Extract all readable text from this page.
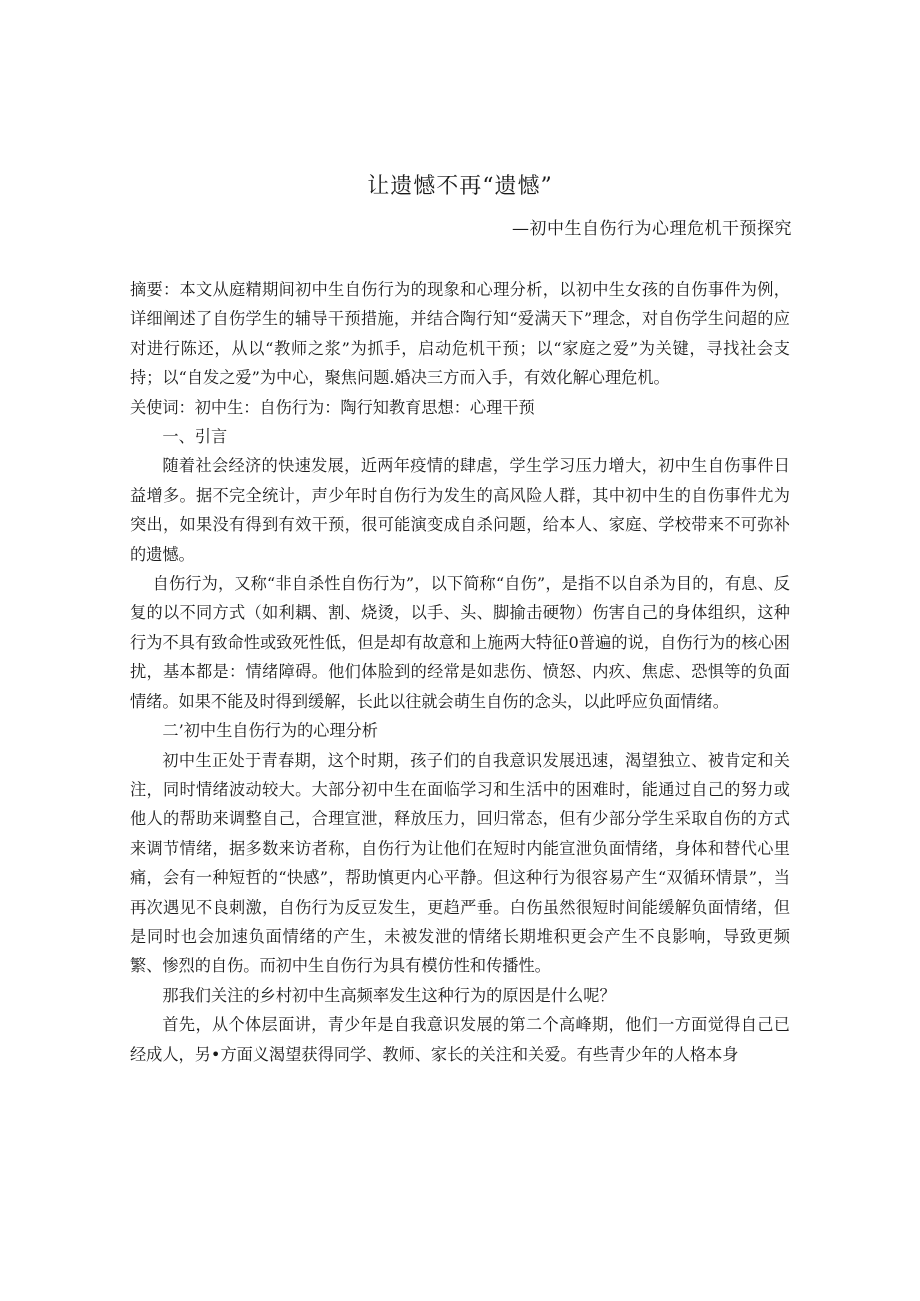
让遗憾不再“遗憾”
—初中生自伤行为心理危机干预探究

摘要：本文从庭精期间初中生自伤行为的现象和心理分析，以初中生女孩的自伤事件为例，详细阐述了自伤学生的辅导干预措施，并结合陶行知“爱满天下”理念，对自伤学生问超的应对进行陈还，从以“教师之浆”为抓手，启动危机干预；以“家庭之爱”为关键，寻找社会支持；以“自发之爱”为中心，聚焦问题.婚决三方而入手，有效化解心理危机。

关使词：初中生：自伤行为：陶行知教育思想：心理干预

一、引言

随着社会经济的快速发展，近两年疫情的肆虐，学生学习压力增大，初中生自伤事件日益增多。据不完全统计，声少年时自伤行为发生的高风险人群，其中初中生的自伤事件尤为突出，如果没有得到有效干预，很可能演变成自杀问题，给本人、家庭、学校带来不可弥补的遗憾。

自伤行为，又称“非自杀性自伤行为”，以下简称“自伤”，是指不以自杀为目的，有息、反复的以不同方式（如利耦、割、烧烫，以手、头、脚揄击硬物）伤害自己的身体组织，这种行为不具有致命性或致死性低，但是却有故意和上施两大特征0普遍的说，自伤行为的核心困扰，基本都是：情绪障碍。他们体脸到的经常是如悲伤、愤怒、内疚、焦虑、恐惧等的负面情绪。如果不能及时得到缓解，长此以往就会萌生自伤的念头，以此呼应负面情绪。

二’初中生自伤行为的心理分析

初中生正处于青春期，这个时期，孩子们的自我意识发展迅速，渴望独立、被肯定和关注，同时情绪波动较大。大部分初中生在面临学习和生活中的困难时，能通过自己的努力或他人的帮助来调整自己，合理宣泄，释放压力，回归常态，但有少部分学生采取自伤的方式来调节情绪，据多数来访者称，自伤行为让他们在短时内能宣泄负面情绪，身体和替代心里痛，会有一种短哲的“快感”，帮助慎更内心平静。但这种行为很容易产生“双循环情景”，当再次遇见不良刺激，自伤行为反豆发生，更趋严垂。白伤虽然很短时间能缓解负面情绪，但是同时也会加速负面情绪的产生，未被发泄的情绪长期堆积更会产生不良影响，导致更频繁、惨烈的自伤。而初中生自伤行为具有模仿性和传播性。

那我们关注的乡村初中生高频率发生这种行为的原因是什么呢？

首先，从个体层面讲，青少年是自我意识发展的第二个高峰期，他们一方面觉得自己已经成人，另•方面义渴望获得同学、教师、家长的关注和关爱。有些青少年的人格本身
